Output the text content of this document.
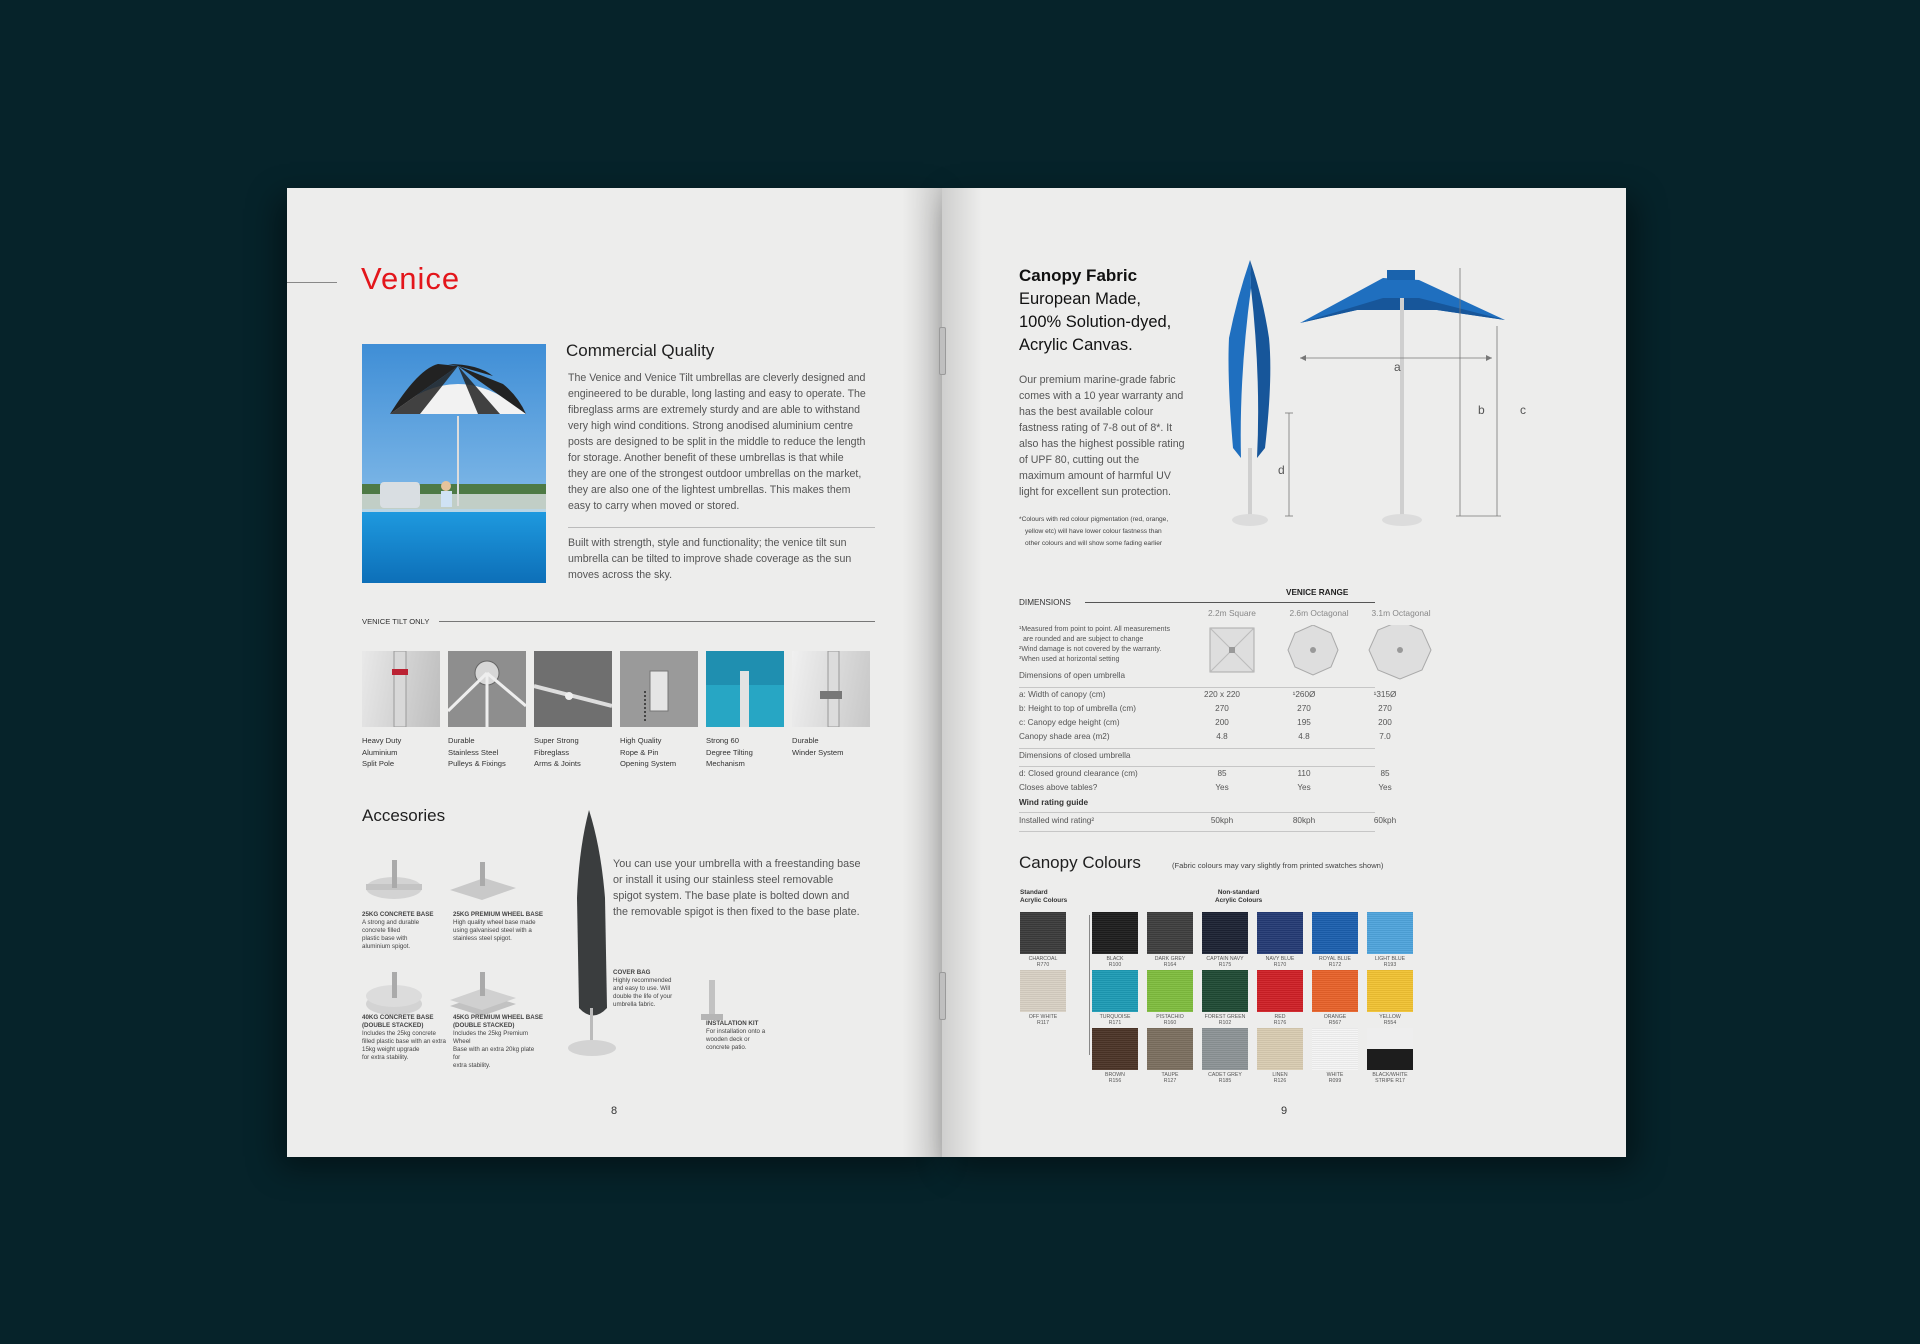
Venice
Commercial Quality
The Venice and Venice Tilt umbrellas are cleverly designed and
engineered to be durable, long lasting and easy to operate. The
fibreglass arms are extremely sturdy and are able to withstand
very high wind conditions. Strong anodised aluminium centre
posts are designed to be split in the middle to reduce the length
for storage. Another benefit of these umbrellas is that while
they are one of the strongest outdoor umbrellas on the market,
they are also one of the lightest umbrellas. This makes them
easy to carry when moved or stored.
Built with strength, style and functionality; the venice tilt sun
umbrella can be tilted to improve shade coverage as the sun
moves across the sky.
VENICE TILT ONLY
Heavy Duty
Aluminium
Split Pole
Durable
Stainless Steel
Pulleys & Fixings
Super Strong
Fibreglass
Arms & Joints
High Quality
Rope & Pin
Opening System
Strong 60
Degree Tilting
Mechanism
Durable
Winder System
Accesories
You can use your umbrella with a freestanding base
or install it using our stainless steel removable
spigot system. The base plate is bolted down and
the removable spigot is then fixed to the base plate.
25KG CONCRETE BASE
A strong and durable
concrete filled
plastic base with
aluminium spigot.
25KG PREMIUM WHEEL BASE
High quality wheel base made
using galvanised steel with a
stainless steel spigot.
40KG CONCRETE BASE
(DOUBLE STACKED)
Includes the 25kg concrete
filled plastic base with an extra
15kg weight upgrade
for extra stability.
45KG PREMIUM WHEEL BASE
(DOUBLE STACKED)
Includes the 25kg Premium Wheel
Base with an extra 20kg plate for
extra stability.
COVER BAG
Highly recommended
and easy to use. Will
double the life of your
umbrella fabric.
INSTALATION KIT
For installation onto a
wooden deck or
concrete patio.
8
Canopy Fabric
European Made,
100% Solution-dyed,
Acrylic Canvas.
Our premium marine-grade fabric
comes with a 10 year warranty and
has the best available colour
fastness rating of 7-8 out of 8*. It
also has the highest possible rating
of UPF 80, cutting out the
maximum amount of harmful UV
light for excellent sun protection.
*Colours with red colour pigmentation (red, orange,
yellow etc) will have lower colour fastness than
other colours and will show some fading earlier
a
b	c
d
DIMENSIONS
VENICE RANGE
2.2m Square	2.6m Octagonal	3.1m Octagonal
¹Measured from point to point. All measurements
are rounded and are subject to change
²Wind damage is not covered by the warranty.
³When used at horizontal setting
Dimensions of open umbrella
a: Width of canopy (cm)	220 x 220	¹260Ø	¹315Ø
b: Height to top of umbrella (cm)	270	270	270
c: Canopy edge height (cm)	200	195	200
Canopy shade area (m2)	4.8	4.8	7.0
Dimensions of closed umbrella
d: Closed ground clearance (cm)	85	110	85
Closes above tables?	Yes	Yes	Yes
Wind rating guide
Installed wind rating²	50kph	80kph	60kph
Canopy Colours	(Fabric colours may vary slightly from printed swatches shown)
Standard
Acrylic Colours
Non-standard
Acrylic Colours
CHARCOAL
R770
OFF WHITE
R117
BLACK
R100
DARK GREY
R164
CAPTAIN NAVY
R175
NAVY BLUE
R170
ROYAL BLUE
R172
LIGHT BLUE
R193
TURQUOISE
R171
PISTACHIO
R160
FOREST GREEN
R102
RED
R176
ORANGE
R567
YELLOW
R554
BROWN
R156
TAUPE
R127
CADET GREY
R185
LINEN
R126
WHITE
R099
BLACK/WHITE
STRIPE R17
9
